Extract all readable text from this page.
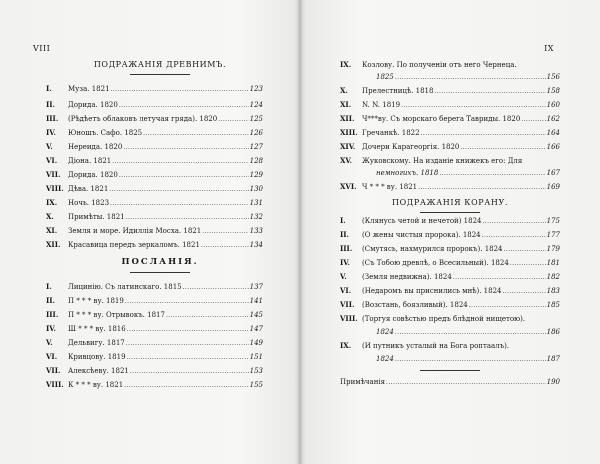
VIII
ПОДРАЖАНІЯ ДРЕВНИМЪ.
I.	Муза. 1821 .....	123
II.	Дорида. 1820 .....	124
III.	(Рѣдѣетъ облаковъ летучая гряда). 1820 .....	125
IV.	Юношъ. Сафо. 1825 .....	126
V.	Нереида. 1820 .....	127
VI.	Діона. 1821 .....	128
VII.	Дорида. 1820 .....	129
VIII. Дѣва. 1821 .....	130
IX.	Ночь. 1823 .....	131
X.	Примѣты. 1821 .....	132
XI.	Земля и море. Идиллія Мосха. 1821 .....	133
XII.	Красавица передъ зеркаломъ. 1821 .....	134
ПОСЛАНІЯ.
I.	Лицинію. Съ латинскаго. 1815 .....	137
II.	П * * * ву. 1819 .....	141
III.	П * * * ву. Отрывокъ. 1817 .....	145
IV.	Ш * * * ву. 1816 .....	147
V.	Дельвигу. 1817 .....	149
VI.	Кривцову. 1819 .....	151
VII.	Алексѣеву. 1821 .....	153
VIII. К * * * ву. 1821 .....	155
IX
IX.	Козлову. По полученіи отъ него Чернеца.
1825 .....	156
X.	Прелестницѣ. 1818 .....	158
XI.	N. N. 1819 .....	160
XII.	Ч***ву. Съ морскаго берега Тавриды. 1820 .....	162
XIII. Гречанкѣ. 1822 .....	164
XIV. Дочери Карагеоргія. 1820 .....	166
XV.	Жуковскому. На изданіе книжекъ его: Для
немногихъ. 1818 .....	167
XVI. Ч * * * ву. 1821 .....	169
ПОДРАЖАНІЯ КОРАНУ.
I.	(Клянусь четой и нечетой) 1824 .....	175
II.	(О жены чистыя пророка). 1824 .....	177
III.	(Смутясь, нахмурился пророкъ). 1824 .....	179
IV.	(Съ Тобою древлѣ, о Всесильный). 1824 .....	181
V.	(Земля недвижна). 1824 .....	182
VI.	(Недаромъ вы приснились мнѣ). 1824 .....	183
VII.	(Возстань, боязливый). 1824 .....	185
VIII. (Торгуя совѣстью предъ блѣдной нищетою).
1824 .....	186
IX.	(И путникъ усталый на Бога роптаалъ).
1824 .....	187
Примѣчанія .....	190
